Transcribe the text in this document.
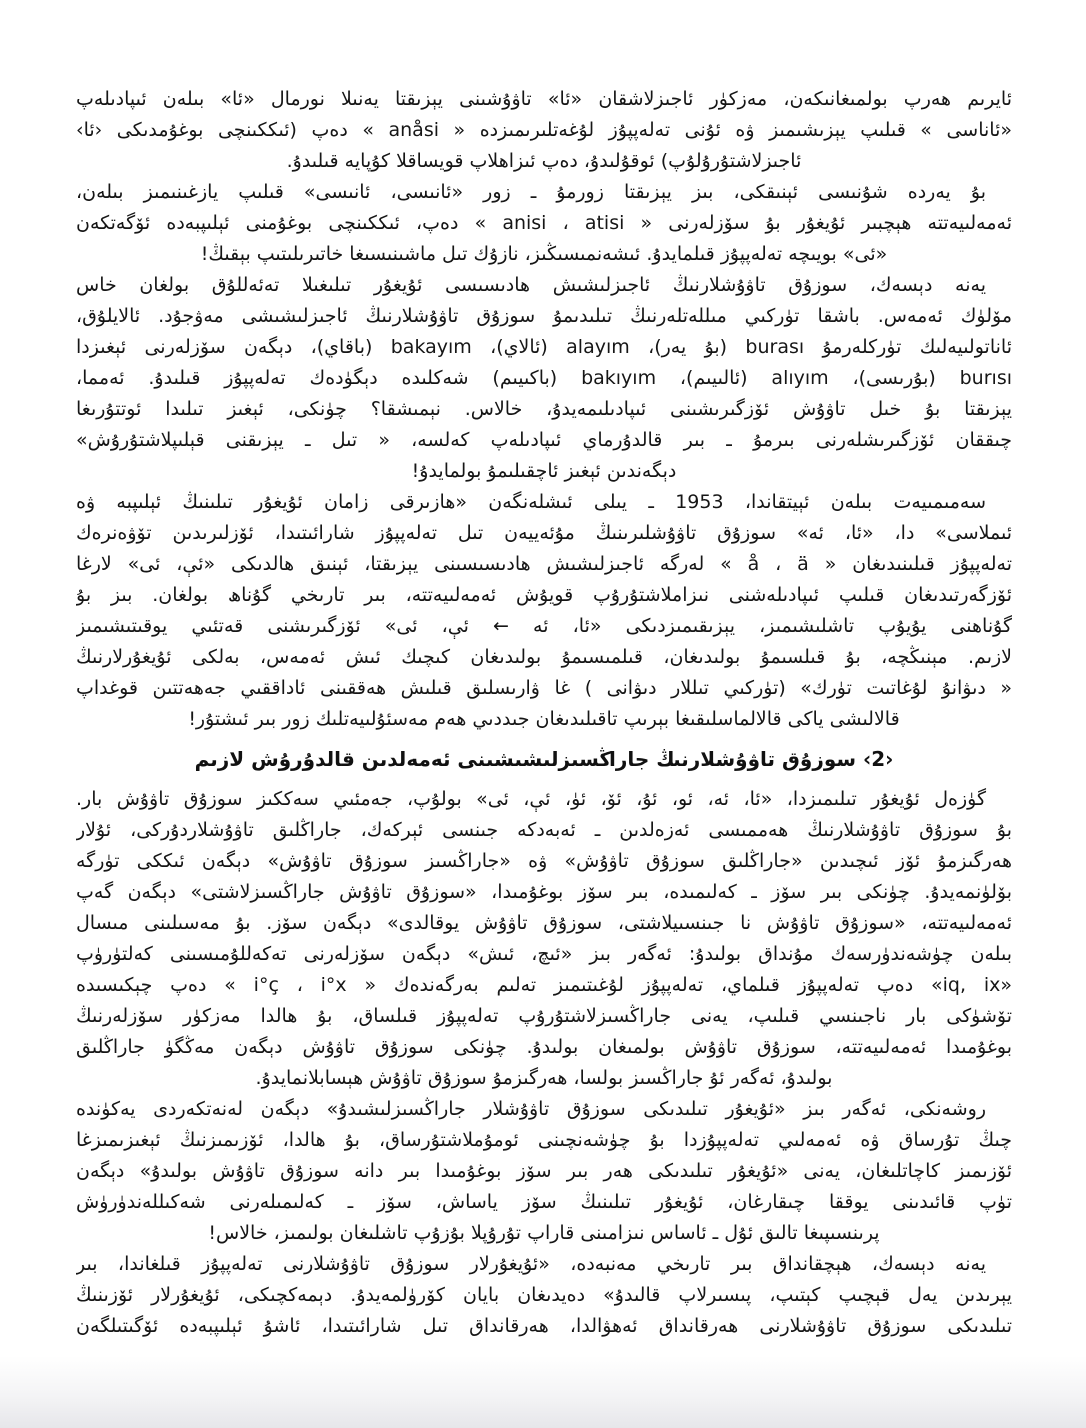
ئايرىم ھەرپ بولمىغانىكەن، مەزكۈر ئاجىزلاشقان «ئا» تاۋۇشىنى يېزىقتا يەنىلا نورمال «ئا» بىلەن ئىپادىلەپ
«ئاناسى » قىلىپ يېزىشىمىز ۋە ئۇنى تەلەپپۇز لۇغەتلىرىمىزدە « anåsi » دەپ (ئىككىنچى بوغۇمدىكى ‹ئا›
ئاجىزلاشتۇرۇلۇپ) ئوقۇلىدۇ، دەپ ئىزاھلاپ قويساقلا كۇپايە قىلىدۇ.
بۇ يەردە شۇنىسى ئېنىقكى، بىز يېزىقتا زورمۇ ـ زور «ئانىسى، ئانىسى» قىلىپ يازغىنىمىز بىلەن،
ئەمەلىيەتتە ھېچبىر ئۇيغۇر بۇ سۆزلەرنى « anisi ، atisi » دەپ، ئىككىنچى بوغۇمنى ئېلىپبەدە ئۆگەتكەن
«ئى» بويىچە تەلەپپۇز قىلمايدۇ. ئىشەنمىسىڭىز، نازۇك تىل ماشىنىسىغا خاتىرىلىتىپ بېقىڭ!
يەنە دېسەك، سوزۇق تاۋۇشلارنىڭ ئاجىزلىشىش ھادىسىسى ئۇيغۇر تىلىغىلا تەئەللۇق بولغان خاس
مۆلۈك ئەمەس. باشقا تۈركىي مىللەتلەرنىڭ تىلىدىمۇ سوزۇق تاۋۇشلارنىڭ ئاجىزلىشىشى مەۋجۇد. ئالايلۇق،
ئاناتولىيەلىك تۈركلەرمۇ burası (بۇ يەر)، alayım (ئالاي)، bakayım (باقاي)، دېگەن سۆزلەرنى ئېغىزدا
burısı (بۇرىسى)، alıyım (ئالىيىم)، bakıyım (باكىيىم) شەكلىدە دېگۈدەك تەلەپپۇز قىلىدۇ. ئەمما،
يېزىقتا بۇ خىل تاۋۇش ئۆزگىرىشىنى ئىپادىلىمەيدۇ، خالاس. نېمىشقا؟ چۈنكى، ئېغىز تىلىدا ئوتتۇرىغا
چىققان ئۆزگىرىشلەرنى بىرمۇ ـ بىر قالدۇرماي ئىپادىلەپ كەلسە، « تىل ـ يېزىقنى قېلىپلاشتۇرۇش»
دېگەندىن ئېغىز ئاچقىلىمۇ بولمايدۇ!
سەمىمىيەت بىلەن ئېيتقاندا، 1953 ـ يىلى ئىشلەنگەن «ھازىرقى زامان ئۇيغۇر تىلىنىڭ ئېلىپبە ۋە
ئىملاسى» دا، «ئا، ئە» سوزۇق تاۋۇشلىرىنىڭ مۇئەييەن تىل تەلەپپۇز شارائىتىدا، ئۆزلىرىدىن تۆۋەنرەك
تەلەپپۇز قىلىنىدىغان « å ، ä » لەرگە ئاجىزلىشىش ھادىسىسىنى يېزىقتا، ئېنىق ھالدىكى «ئې، ئى» لارغا
ئۆزگەرتىدىغان قىلىپ ئىپادىلەشنى نىزاملاشتۇرۇپ قويۇش ئەمەلىيەتتە، بىر تارىخي گۇناھ بولغان. بىز بۇ
گۇناھنى يۇيۇپ تاشلىشىمىز، يېزىقىمىزدىكى «ئا، ئە ← ئې، ئى» ئۆزگىرىشنى قەتئىي يوقىتىشىمىز
لازىم. مېنىڭچە، بۇ قىلسىمۇ بولىدىغان، قىلمىسىمۇ بولىدىغان كىچىك ئىش ئەمەس، بەلكى ئۇيغۇرلارنىڭ
« دىۋانۇ لۇغاتىت تۈرك» (تۈركىي تىللار دىۋانى ) غا ۋارىسلىق قىلىش ھەققىنى ئاداققىي جەھەتتىن قوغداپ
قالالىشى ياكى قالالماسلىقىغا بېرىپ تاقىلىدىغان جىددىي ھەم مەسئۇلىيەتلىك زور بىر ئىشتۇر!
‹2› سوزۇق تاۋۇشلارنىڭ جاراڭسىزلىشىشىنى ئەمەلدىن قالدۇرۇش لازىم
گۈزەل ئۇيغۇر تىلىمىزدا، «ئا، ئە، ئو، ئۇ، ئۆ، ئۈ، ئې، ئى» بولۇپ، جەمئىي سەككىز سوزۇق تاۋۇش بار.
بۇ سوزۇق تاۋۇشلارنىڭ ھەممىسى ئەزەلدىن ـ ئەبەدكە جىنسى ئېركەك، جاراڭلىق تاۋۇشلاردۇركى، ئۇلار
ھەرگىزمۇ ئۆز ئىچىدىن «جاراڭلىق سوزۇق تاۋۇش» ۋە «جاراڭسىز سوزۇق تاۋۇش» دېگەن ئىككى تۈرگە
بۆلۈنمەيدۇ. چۈنكى بىر سۆز ـ كەلىمىدە، بىر سۆز بوغۇمىدا، «سوزۇق تاۋۇش جاراڭسىزلاشتى» دېگەن گەپ
ئەمەلىيەتتە، «سوزۇق تاۋۇش نا جىنسىيلاشتى، سوزۇق تاۋۇش يوقالدى» دېگەن سۆز. بۇ مەسىلىنى مىسال
بىلەن چۈشەندۈرسەك مۇنداق بولىدۇ: ئەگەر بىز «ئىچ، ئىش» دېگەن سۆزلەرنى تەكەللۇمىسىنى كەلتۈرۈپ
«iq, ix» دەپ تەلەپپۇز قىلماي، تەلەپپۇز لۇغىتىمىز تەلىم بەرگەندەك « i°ç ، i°x » دەپ چېكىسىدە
تۆشۈكى بار ناجىنسي قىلىپ، يەنى جاراڭسىزلاشتۇرۇپ تەلەپپۇز قىلساق، بۇ ھالدا مەزكۈر سۆزلەرنىڭ
بوغۇمىدا ئەمەلىيەتتە، سوزۇق تاۋۇش بولمىغان بولىدۇ. چۈنكى سوزۇق تاۋۇش دېگەن مەڭگۈ جاراڭلىق
بولىدۇ، ئەگەر ئۇ جاراڭسىز بولسا، ھەرگىزمۇ سوزۇق تاۋۇش ھېسابلانمايدۇ.
روشەنكى، ئەگەر بىز «ئۇيغۇر تىلىدىكى سوزۇق تاۋۇشلار جاراڭسىزلىشىدۇ» دېگەن لەنەتكەردى يەكۈندە
چىڭ تۇرساق ۋە ئەمەلىي تەلەپپۇزدا بۇ چۈشەنچىنى ئومۇملاشتۇرساق، بۇ ھالدا، ئۆزىمىزنىڭ ئېغىزىمىزغا
ئۆزىمىز كاچاتلىغان، يەنى «ئۇيغۇر تىلىدىكى ھەر بىر سۆز بوغۇمىدا بىر دانە سوزۇق تاۋۇش بولىدۇ» دېگەن
تۈپ قائىدىنى يوققا چىقارغان، ئۇيغۇر تىلىنىڭ سۆز ياساش، سۆز ـ كەلىمىلەرنى شەكىللەندۈرۈش
پرىنسىپىغا تالىق ئۇل ـ ئاساس نىزامىنى قاراپ تۇرۇپلا بۇزۇپ تاشلىغان بولىمىز، خالاس!
يەنە دېسەك، ھېچقانداق بىر تارىخي مەنبەدە، «ئۇيغۇرلار سوزۇق تاۋۇشلارنى تەلەپپۇز قىلغاندا، بىر
يېرىدىن يەل قېچىپ كېتىپ، پىسىرلاپ قالىدۇ» دەيدىغان بايان كۆرۈلمەيدۇ. دېمەكچىكى، ئۇيغۇرلار ئۆزىنىڭ
تىلىدىكى سوزۇق تاۋۇشلارنى ھەرقانداق ئەھۋالدا، ھەرقانداق تىل شارائىتىدا، ئاشۇ ئېلىپبەدە ئۆگىتىلگەن
